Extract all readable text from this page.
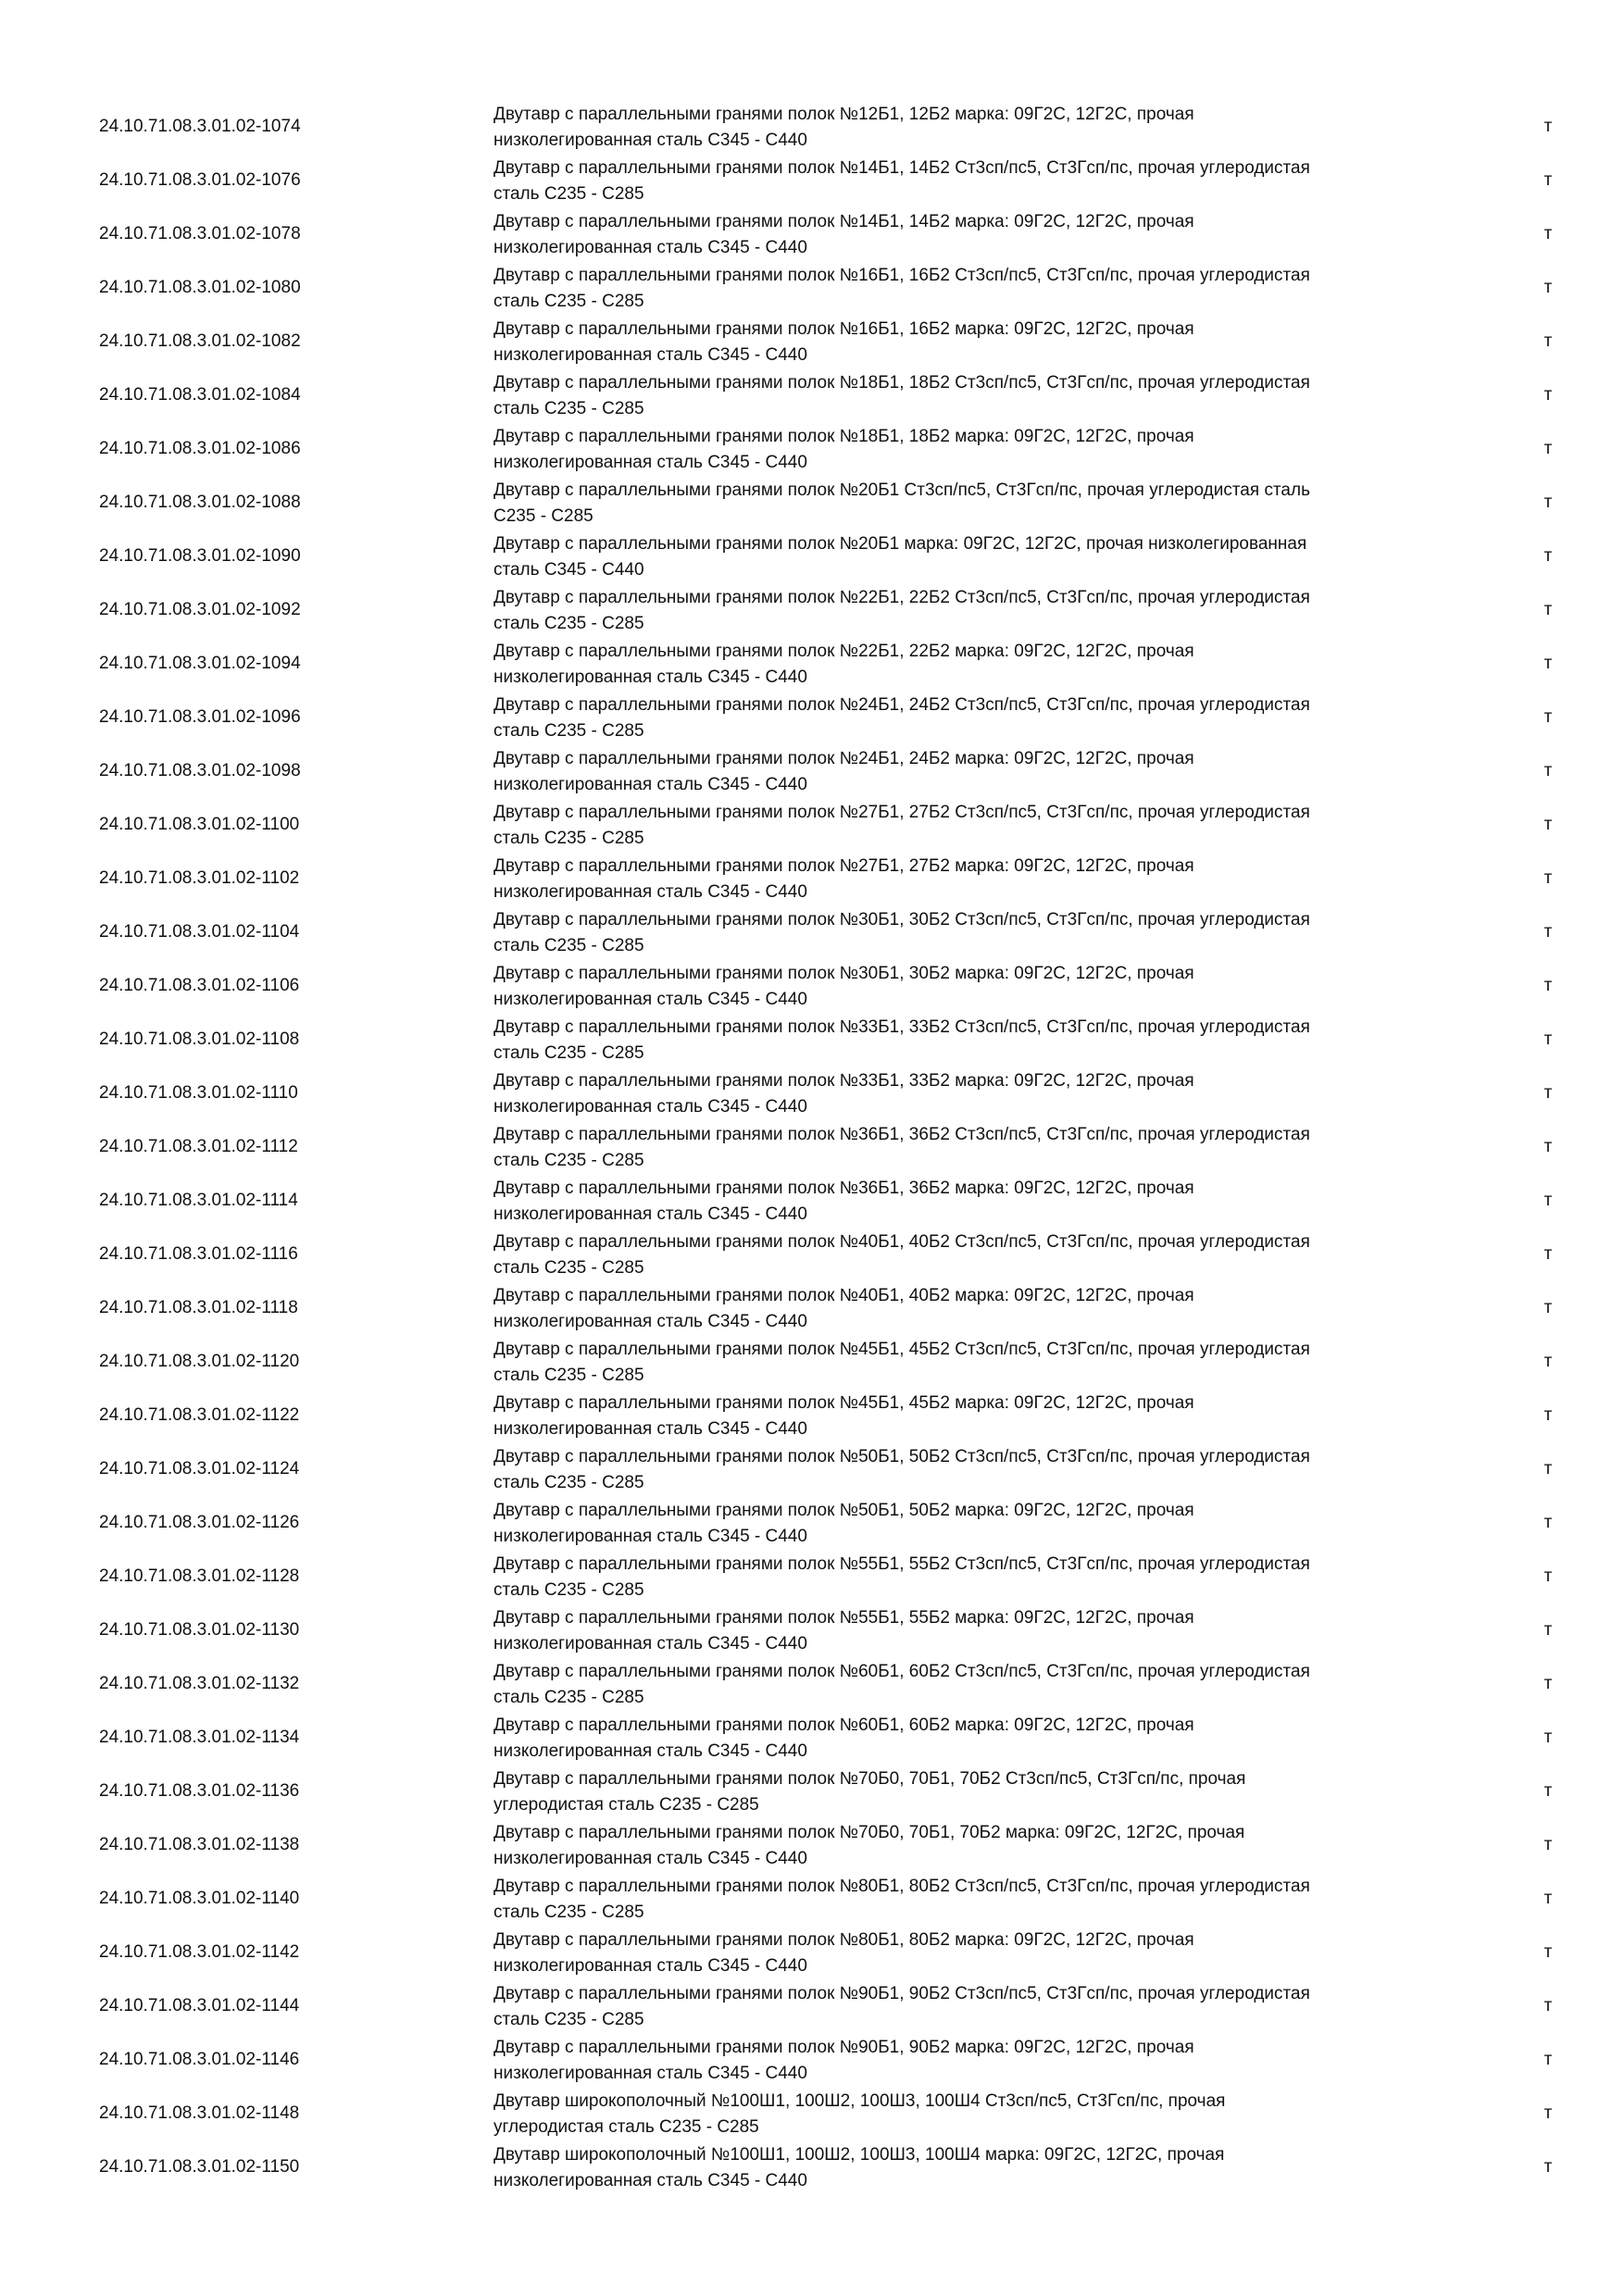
24.10.71.08.3.01.02-1074
Двутавр с параллельными гранями полок №12Б1, 12Б2 марка: 09Г2С, 12Г2С, прочая
низколегированная сталь С345 - С440
т
24.10.71.08.3.01.02-1076
Двутавр с параллельными гранями полок №14Б1, 14Б2 Ст3сп/пс5, Ст3Гсп/пс, прочая углеродистая
сталь С235 - С285
т
24.10.71.08.3.01.02-1078
Двутавр с параллельными гранями полок №14Б1, 14Б2 марка: 09Г2С, 12Г2С, прочая
низколегированная сталь С345 - С440
т
24.10.71.08.3.01.02-1080
Двутавр с параллельными гранями полок №16Б1, 16Б2 Ст3сп/пс5, Ст3Гсп/пс, прочая углеродистая
сталь С235 - С285
т
24.10.71.08.3.01.02-1082
Двутавр с параллельными гранями полок №16Б1, 16Б2 марка: 09Г2С, 12Г2С, прочая
низколегированная сталь С345 - С440
т
24.10.71.08.3.01.02-1084
Двутавр с параллельными гранями полок №18Б1, 18Б2 Ст3сп/пс5, Ст3Гсп/пс, прочая углеродистая
сталь С235 - С285
т
24.10.71.08.3.01.02-1086
Двутавр с параллельными гранями полок №18Б1, 18Б2 марка: 09Г2С, 12Г2С, прочая
низколегированная сталь С345 - С440
т
24.10.71.08.3.01.02-1088
Двутавр с параллельными гранями полок №20Б1 Ст3сп/пс5, Ст3Гсп/пс, прочая углеродистая сталь
С235 - С285
т
24.10.71.08.3.01.02-1090
Двутавр с параллельными гранями полок №20Б1 марка: 09Г2С, 12Г2С, прочая низколегированная
сталь С345 - С440
т
24.10.71.08.3.01.02-1092
Двутавр с параллельными гранями полок №22Б1, 22Б2 Ст3сп/пс5, Ст3Гсп/пс, прочая углеродистая
сталь С235 - С285
т
24.10.71.08.3.01.02-1094
Двутавр с параллельными гранями полок №22Б1, 22Б2 марка: 09Г2С, 12Г2С, прочая
низколегированная сталь С345 - С440
т
24.10.71.08.3.01.02-1096
Двутавр с параллельными гранями полок №24Б1, 24Б2 Ст3сп/пс5, Ст3Гсп/пс, прочая углеродистая
сталь С235 - С285
т
24.10.71.08.3.01.02-1098
Двутавр с параллельными гранями полок №24Б1, 24Б2 марка: 09Г2С, 12Г2С, прочая
низколегированная сталь С345 - С440
т
24.10.71.08.3.01.02-1100
Двутавр с параллельными гранями полок №27Б1, 27Б2 Ст3сп/пс5, Ст3Гсп/пс, прочая углеродистая
сталь С235 - С285
т
24.10.71.08.3.01.02-1102
Двутавр с параллельными гранями полок №27Б1, 27Б2 марка: 09Г2С, 12Г2С, прочая
низколегированная сталь С345 - С440
т
24.10.71.08.3.01.02-1104
Двутавр с параллельными гранями полок №30Б1, 30Б2 Ст3сп/пс5, Ст3Гсп/пс, прочая углеродистая
сталь С235 - С285
т
24.10.71.08.3.01.02-1106
Двутавр с параллельными гранями полок №30Б1, 30Б2 марка: 09Г2С, 12Г2С, прочая
низколегированная сталь С345 - С440
т
24.10.71.08.3.01.02-1108
Двутавр с параллельными гранями полок №33Б1, 33Б2 Ст3сп/пс5, Ст3Гсп/пс, прочая углеродистая
сталь С235 - С285
т
24.10.71.08.3.01.02-1110
Двутавр с параллельными гранями полок №33Б1, 33Б2 марка: 09Г2С, 12Г2С, прочая
низколегированная сталь С345 - С440
т
24.10.71.08.3.01.02-1112
Двутавр с параллельными гранями полок №36Б1, 36Б2 Ст3сп/пс5, Ст3Гсп/пс, прочая углеродистая
сталь С235 - С285
т
24.10.71.08.3.01.02-1114
Двутавр с параллельными гранями полок №36Б1, 36Б2 марка: 09Г2С, 12Г2С, прочая
низколегированная сталь С345 - С440
т
24.10.71.08.3.01.02-1116
Двутавр с параллельными гранями полок №40Б1, 40Б2 Ст3сп/пс5, Ст3Гсп/пс, прочая углеродистая
сталь С235 - С285
т
24.10.71.08.3.01.02-1118
Двутавр с параллельными гранями полок №40Б1, 40Б2 марка: 09Г2С, 12Г2С, прочая
низколегированная сталь С345 - С440
т
24.10.71.08.3.01.02-1120
Двутавр с параллельными гранями полок №45Б1, 45Б2 Ст3сп/пс5, Ст3Гсп/пс, прочая углеродистая
сталь С235 - С285
т
24.10.71.08.3.01.02-1122
Двутавр с параллельными гранями полок №45Б1, 45Б2 марка: 09Г2С, 12Г2С, прочая
низколегированная сталь С345 - С440
т
24.10.71.08.3.01.02-1124
Двутавр с параллельными гранями полок №50Б1, 50Б2 Ст3сп/пс5, Ст3Гсп/пс, прочая углеродистая
сталь С235 - С285
т
24.10.71.08.3.01.02-1126
Двутавр с параллельными гранями полок №50Б1, 50Б2 марка: 09Г2С, 12Г2С, прочая
низколегированная сталь С345 - С440
т
24.10.71.08.3.01.02-1128
Двутавр с параллельными гранями полок №55Б1, 55Б2 Ст3сп/пс5, Ст3Гсп/пс, прочая углеродистая
сталь С235 - С285
т
24.10.71.08.3.01.02-1130
Двутавр с параллельными гранями полок №55Б1, 55Б2 марка: 09Г2С, 12Г2С, прочая
низколегированная сталь С345 - С440
т
24.10.71.08.3.01.02-1132
Двутавр с параллельными гранями полок №60Б1, 60Б2 Ст3сп/пс5, Ст3Гсп/пс, прочая углеродистая
сталь С235 - С285
т
24.10.71.08.3.01.02-1134
Двутавр с параллельными гранями полок №60Б1, 60Б2 марка: 09Г2С, 12Г2С, прочая
низколегированная сталь С345 - С440
т
24.10.71.08.3.01.02-1136
Двутавр с параллельными гранями полок №70Б0, 70Б1, 70Б2 Ст3сп/пс5, Ст3Гсп/пс, прочая
углеродистая сталь С235 - С285
т
24.10.71.08.3.01.02-1138
Двутавр с параллельными гранями полок №70Б0, 70Б1, 70Б2 марка: 09Г2С, 12Г2С, прочая
низколегированная сталь С345 - С440
т
24.10.71.08.3.01.02-1140
Двутавр с параллельными гранями полок №80Б1, 80Б2 Ст3сп/пс5, Ст3Гсп/пс, прочая углеродистая
сталь С235 - С285
т
24.10.71.08.3.01.02-1142
Двутавр с параллельными гранями полок №80Б1, 80Б2 марка: 09Г2С, 12Г2С, прочая
низколегированная сталь С345 - С440
т
24.10.71.08.3.01.02-1144
Двутавр с параллельными гранями полок №90Б1, 90Б2 Ст3сп/пс5, Ст3Гсп/пс, прочая углеродистая
сталь С235 - С285
т
24.10.71.08.3.01.02-1146
Двутавр с параллельными гранями полок №90Б1, 90Б2 марка: 09Г2С, 12Г2С, прочая
низколегированная сталь С345 - С440
т
24.10.71.08.3.01.02-1148
Двутавр широкополочный №100Ш1, 100Ш2, 100Ш3, 100Ш4 Ст3сп/пс5, Ст3Гсп/пс, прочая
углеродистая сталь С235 - С285
т
24.10.71.08.3.01.02-1150
Двутавр широкополочный №100Ш1, 100Ш2, 100Ш3, 100Ш4 марка: 09Г2С, 12Г2С, прочая
низколегированная сталь С345 - С440
т
